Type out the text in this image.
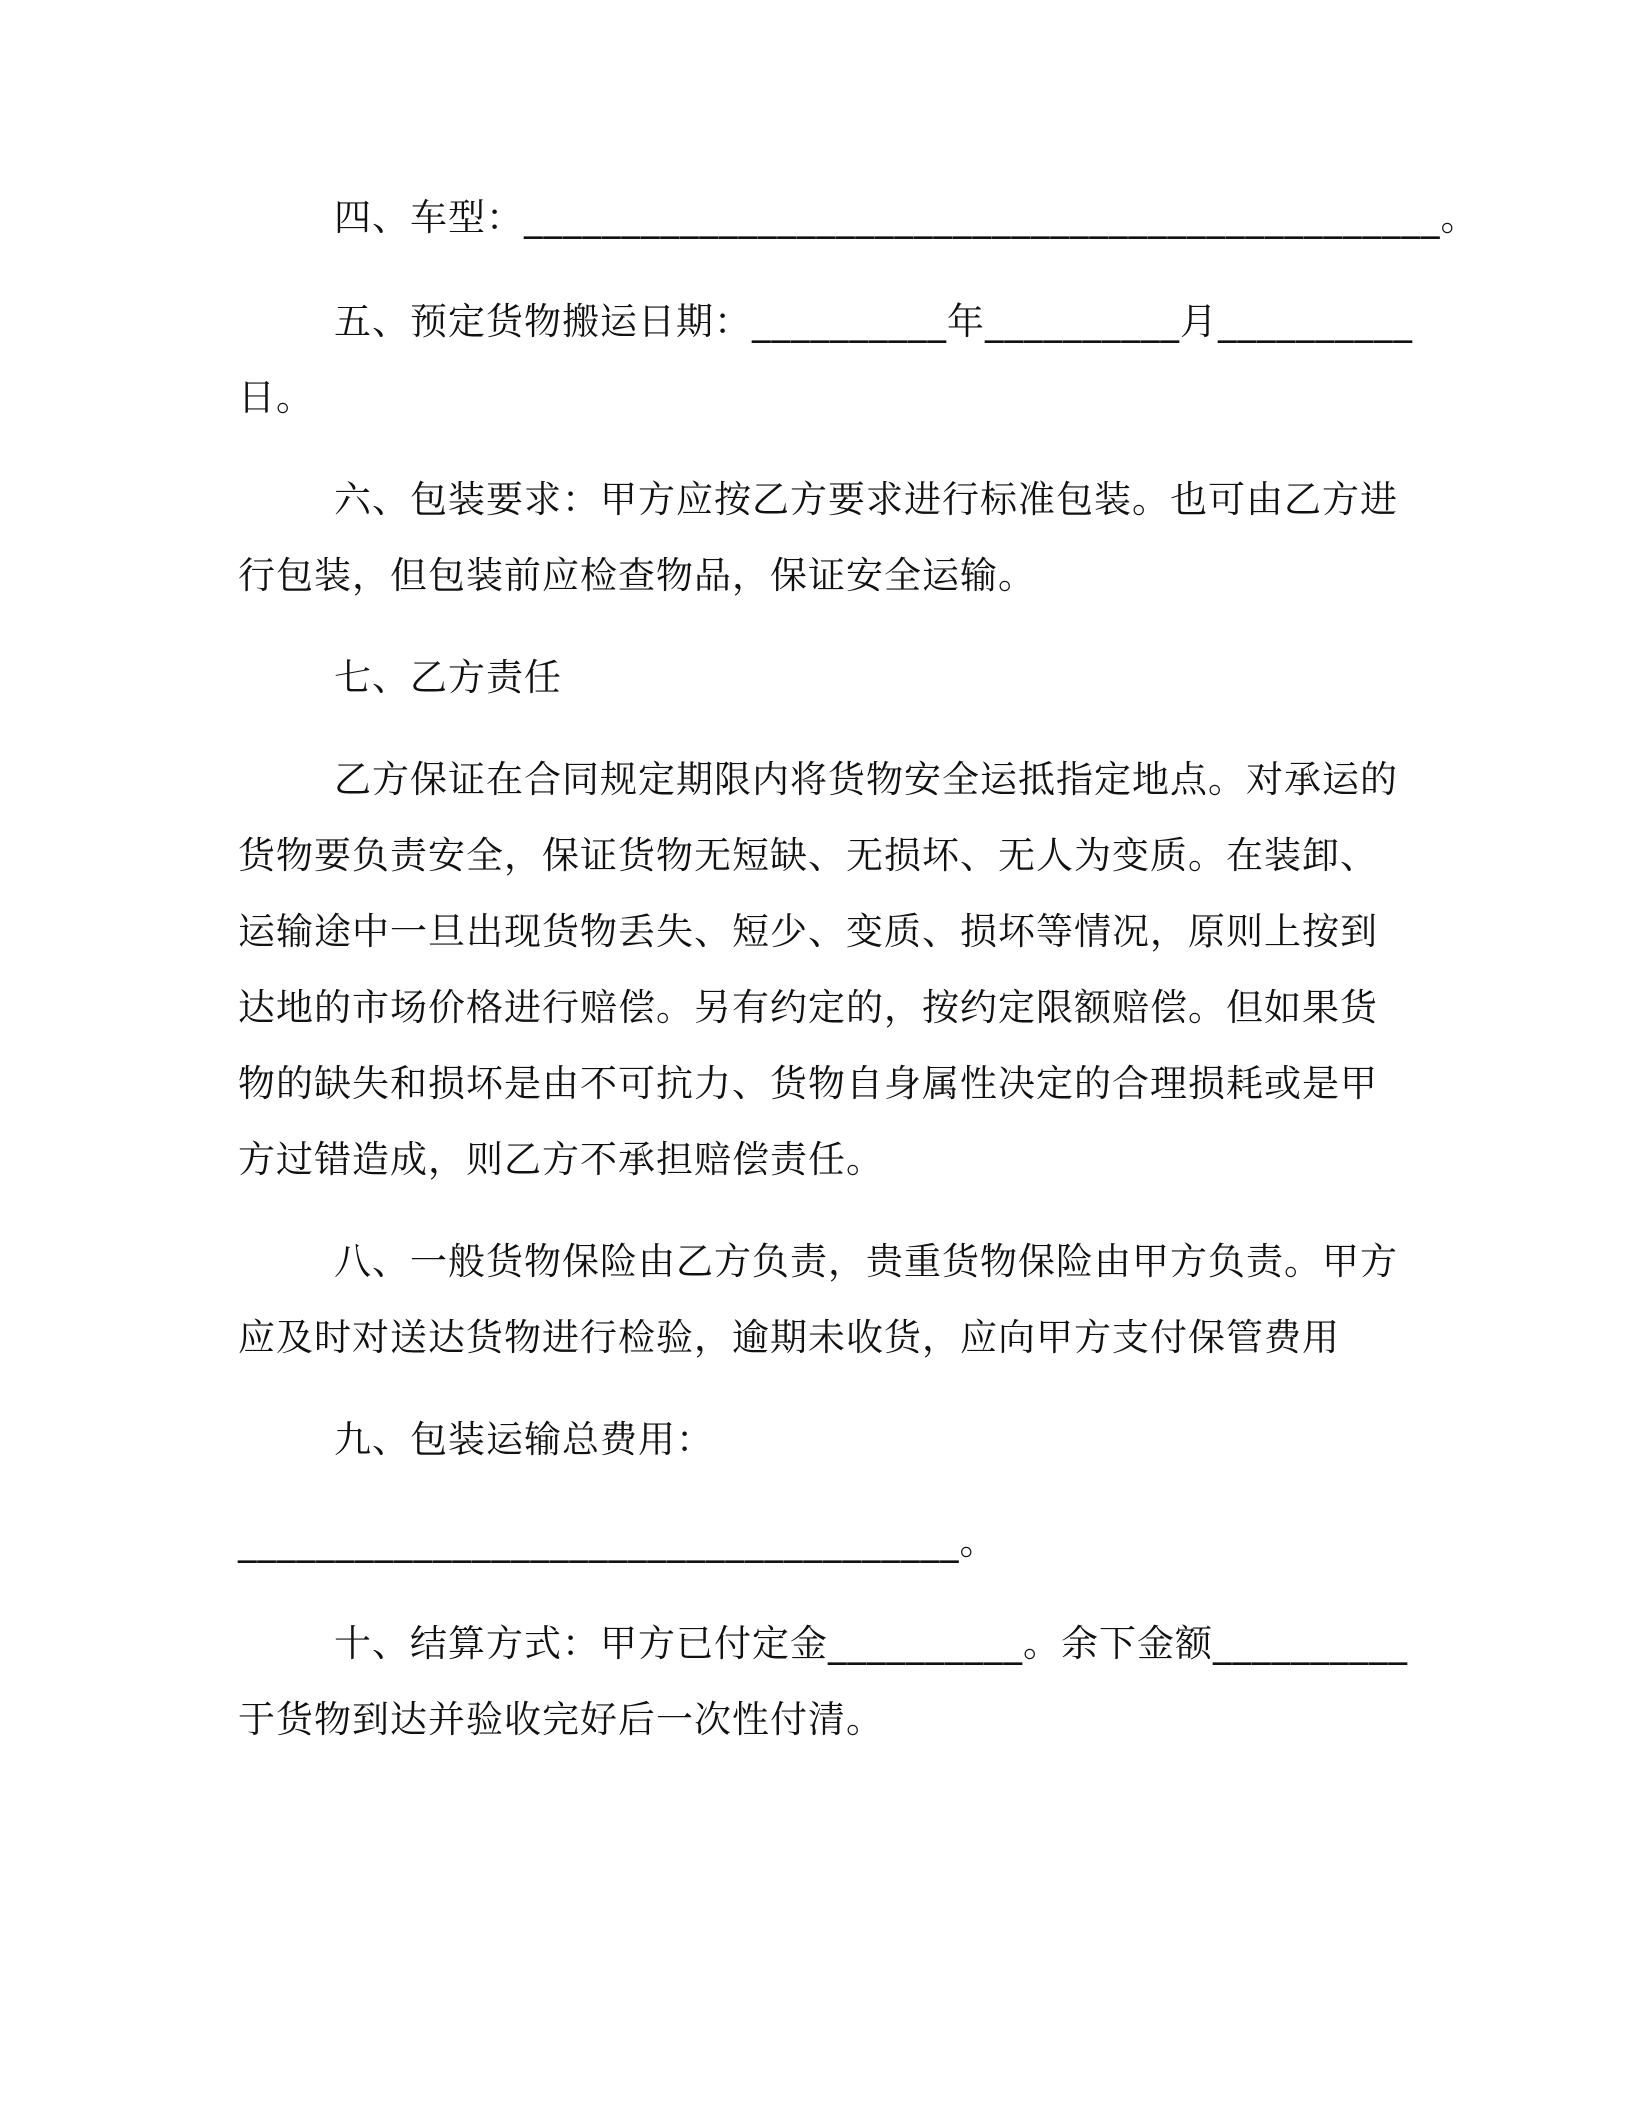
四、车型：_______________________________________________。
五、预定货物搬运日期：__________年__________月__________
日。
六、包装要求：甲方应按乙方要求进行标准包装。也可由乙方进
行包装，但包装前应检查物品，保证安全运输。
七、乙方责任
乙方保证在合同规定期限内将货物安全运抵指定地点。对承运的
货物要负责安全，保证货物无短缺、无损坏、无人为变质。在装卸、
运输途中一旦出现货物丢失、短少、变质、损坏等情况，原则上按到
达地的市场价格进行赔偿。另有约定的，按约定限额赔偿。但如果货
物的缺失和损坏是由不可抗力、货物自身属性决定的合理损耗或是甲
方过错造成，则乙方不承担赔偿责任。
八、一般货物保险由乙方负责，贵重货物保险由甲方负责。甲方
应及时对送达货物进行检验，逾期未收货，应向甲方支付保管费用
九、包装运输总费用：
_____________________________________。
十、结算方式：甲方已付定金__________。余下金额__________
于货物到达并验收完好后一次性付清。
